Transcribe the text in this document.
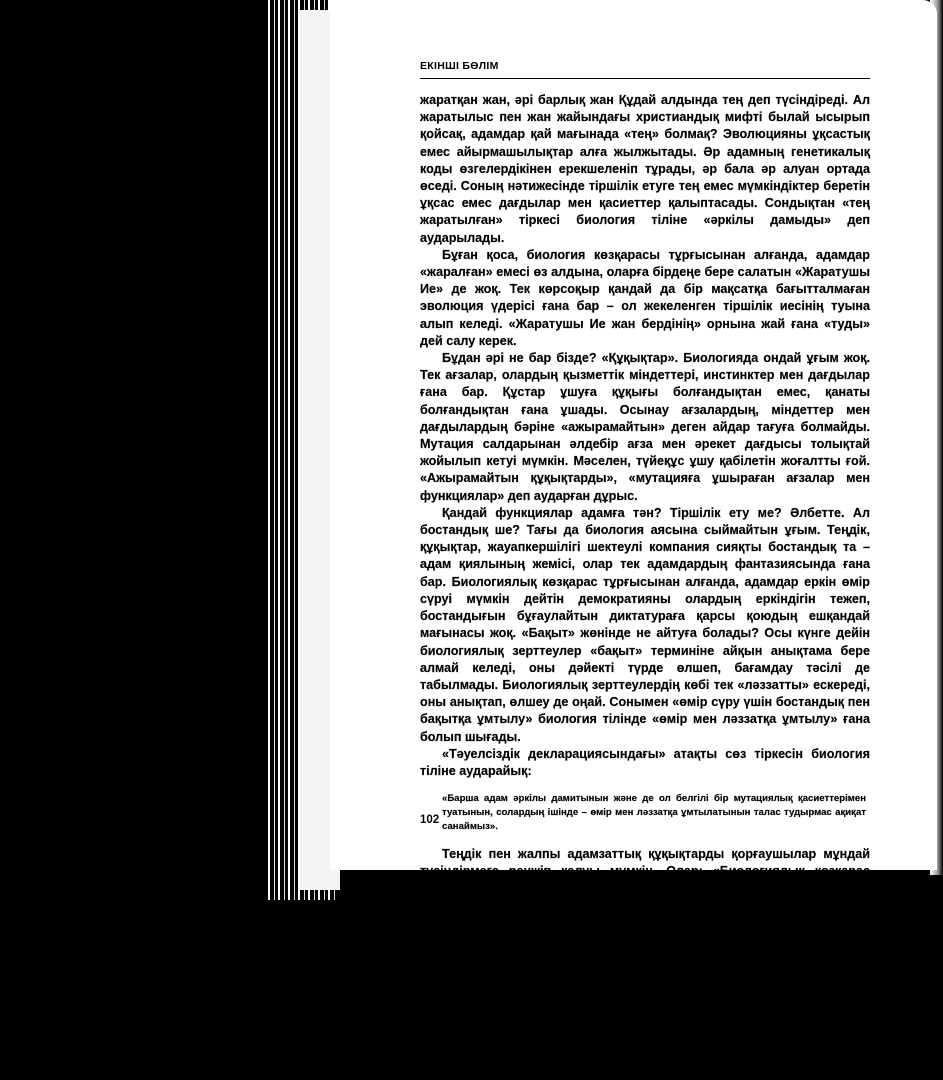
ЕКІНШІ БӨЛІМ

жаратқан жан, әрі барлық жан Құдай алдында тең деп түсіндіреді. Ал жаратылыс пен жан жайындағы христиандық мифті былай ысырып қойсақ, адамдар қай мағынада «тең» болмақ? Эволюцияны ұқсастық емес айырмашылықтар алға жылжытады. Әр адамның генетикалық коды өзгелердікінен ерекшеленіп тұрады, әр бала әр алуан ортада өседі. Соның нәтижесінде тіршілік етуге тең емес мүмкіндіктер беретін ұқсас емес дағдылар мен қасиеттер қалыптасады. Сондықтан «тең жаратылған» тіркесі биология тіліне «әркілы дамыды» деп аударылады.

Бұған қоса, биология көзқарасы тұрғысынан алғанда, адамдар «жаралған» емесі өз алдына, оларға бірдеңе бере салатын «Жаратушы Ие» де жоқ. Тек көрсоқыр қандай да бір мақсатқа бағытталмаған эволюция үдерісі ғана бар – ол жекеленген тіршілік иесінің туына алып келеді. «Жаратушы Ие жан бердінің» орнына жай ғана «туды» дей салу керек.

Бұдан әрі не бар бізде? «Құқықтар». Биологияда ондай ұғым жоқ. Тек ағзалар, олардың қызметтік міндеттері, инстинктер мен дағдылар ғана бар. Құстар ұшуға құқығы болғандықтан емес, қанаты болғандықтан ғана ұшады. Осынау ағзалардың, міндеттер мен дағдылардың бәріне «ажырамайтын» деген айдар тағуға болмайды. Мутация салдарынан әлдебір ағза мен әрекет дағдысы толықтай жойылып кетуі мүмкін. Мәселен, түйеқұс ұшу қабілетін жоғалтты ғой. «Ажырамайтын құқықтарды», «мутацияға ұшыраған ағзалар мен функциялар» деп аударған дұрыс.

Қандай функциялар адамға тән? Тіршілік ету ме? Әлбетте. Ал бостандық ше? Тағы да биология аясына сыймайтын ұғым. Теңдік, құқықтар, жауапкершілігі шектеулі компания сияқты бостандық та – адам қиялының жемісі, олар тек адамдардың фантазиясында ғана бар. Биологиялық көзқарас тұрғысынан алғанда, адамдар еркін өмір сүруі мүмкін дейтін демократияны олардың еркіндігін тежеп, бостандығын бұғаулайтын диктатураға қарсы қоюдың ешқандай мағынасы жоқ. «Бақыт» жөнінде не айтуға болады? Осы күнге дейін биологиялық зерттеулер «бақыт» терминіне айқын анықтама бере алмай келеді, оны дәйекті түрде өлшеп, бағамдау тәсілі де табылмады. Биологиялық зерттеулердің көбі тек «ләззатты» ескереді, оны анықтап, өлшеу де оңай. Сонымен «өмір сүру үшін бостандық пен бақытқа ұмтылу» биология тілінде «өмір мен ләззатқа ұмтылу» ғана болып шығады.

«Тәуелсіздік декларациясындағы» атақты сөз тіркесін биология тіліне аударайық:

«Барша адам әркілы дамитынын және де ол белгілі бір мутациялық қасиеттерімен туатынын, солардың ішінде – өмір мен ләззатқа ұмтылатынын талас тудырмас ақиқат санаймыз».

Теңдік пен жалпы адамзаттық құқықтарды қорғаушылар мұндай түсіндірмеге ренжіп қалуы мүмкін. Олар: «Биологиялық көзқарас тұрғысынан барша адамның әртүрлі екені бізге мәлім. Табиғи теңдікті мо-

102
